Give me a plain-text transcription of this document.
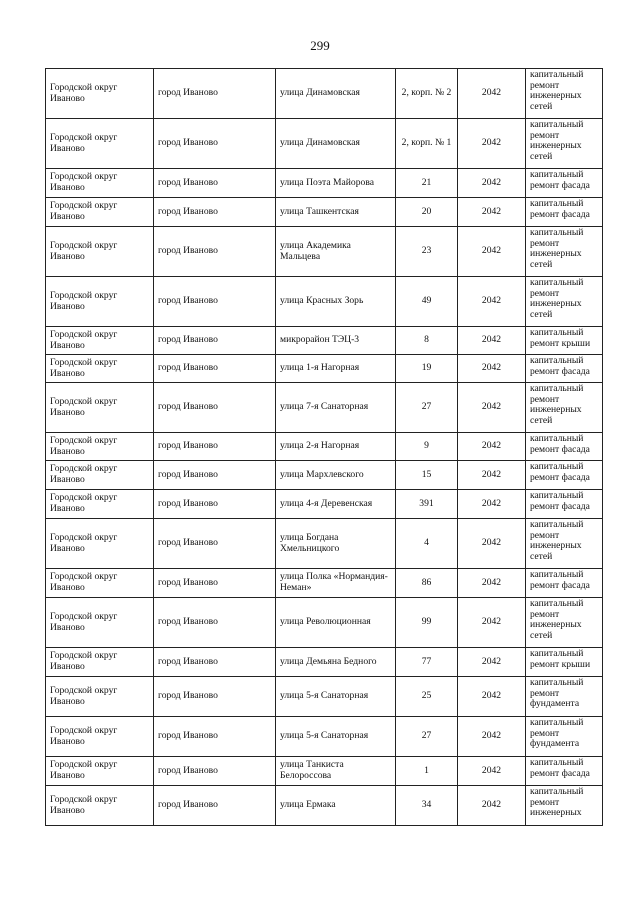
299
Городской округ Иваново	город Иваново	улица Динамовская	2, корп. № 2	2042	капитальный ремонт инженерных сетей
Городской округ Иваново	город Иваново	улица Динамовская	2, корп. № 1	2042	капитальный ремонт инженерных сетей
Городской округ Иваново	город Иваново	улица Поэта Майорова	21	2042	капитальный ремонт фасада
Городской округ Иваново	город Иваново	улица Ташкентская	20	2042	капитальный ремонт фасада
Городской округ Иваново	город Иваново	улица Академика Мальцева	23	2042	капитальный ремонт инженерных сетей
Городской округ Иваново	город Иваново	улица Красных Зорь	49	2042	капитальный ремонт инженерных сетей
Городской округ Иваново	город Иваново	микрорайон ТЭЦ-3	8	2042	капитальный ремонт крыши
Городской округ Иваново	город Иваново	улица 1-я Нагорная	19	2042	капитальный ремонт фасада
Городской округ Иваново	город Иваново	улица 7-я Санаторная	27	2042	капитальный ремонт инженерных сетей
Городской округ Иваново	город Иваново	улица 2-я Нагорная	9	2042	капитальный ремонт фасада
Городской округ Иваново	город Иваново	улица Мархлевского	15	2042	капитальный ремонт фасада
Городской округ Иваново	город Иваново	улица 4-я Деревенская	391	2042	капитальный ремонт фасада
Городской округ Иваново	город Иваново	улица Богдана Хмельницкого	4	2042	капитальный ремонт инженерных сетей
Городской округ Иваново	город Иваново	улица Полка «Нормандия-Неман»	86	2042	капитальный ремонт фасада
Городской округ Иваново	город Иваново	улица Революционная	99	2042	капитальный ремонт инженерных сетей
Городской округ Иваново	город Иваново	улица Демьяна Бедного	77	2042	капитальный ремонт крыши
Городской округ Иваново	город Иваново	улица 5-я Санаторная	25	2042	капитальный ремонт фундамента
Городской округ Иваново	город Иваново	улица 5-я Санаторная	27	2042	капитальный ремонт фундамента
Городской округ Иваново	город Иваново	улица Танкиста Белороссова	1	2042	капитальный ремонт фасада
Городской округ Иваново	город Иваново	улица Ермака	34	2042	капитальный ремонт инженерных
